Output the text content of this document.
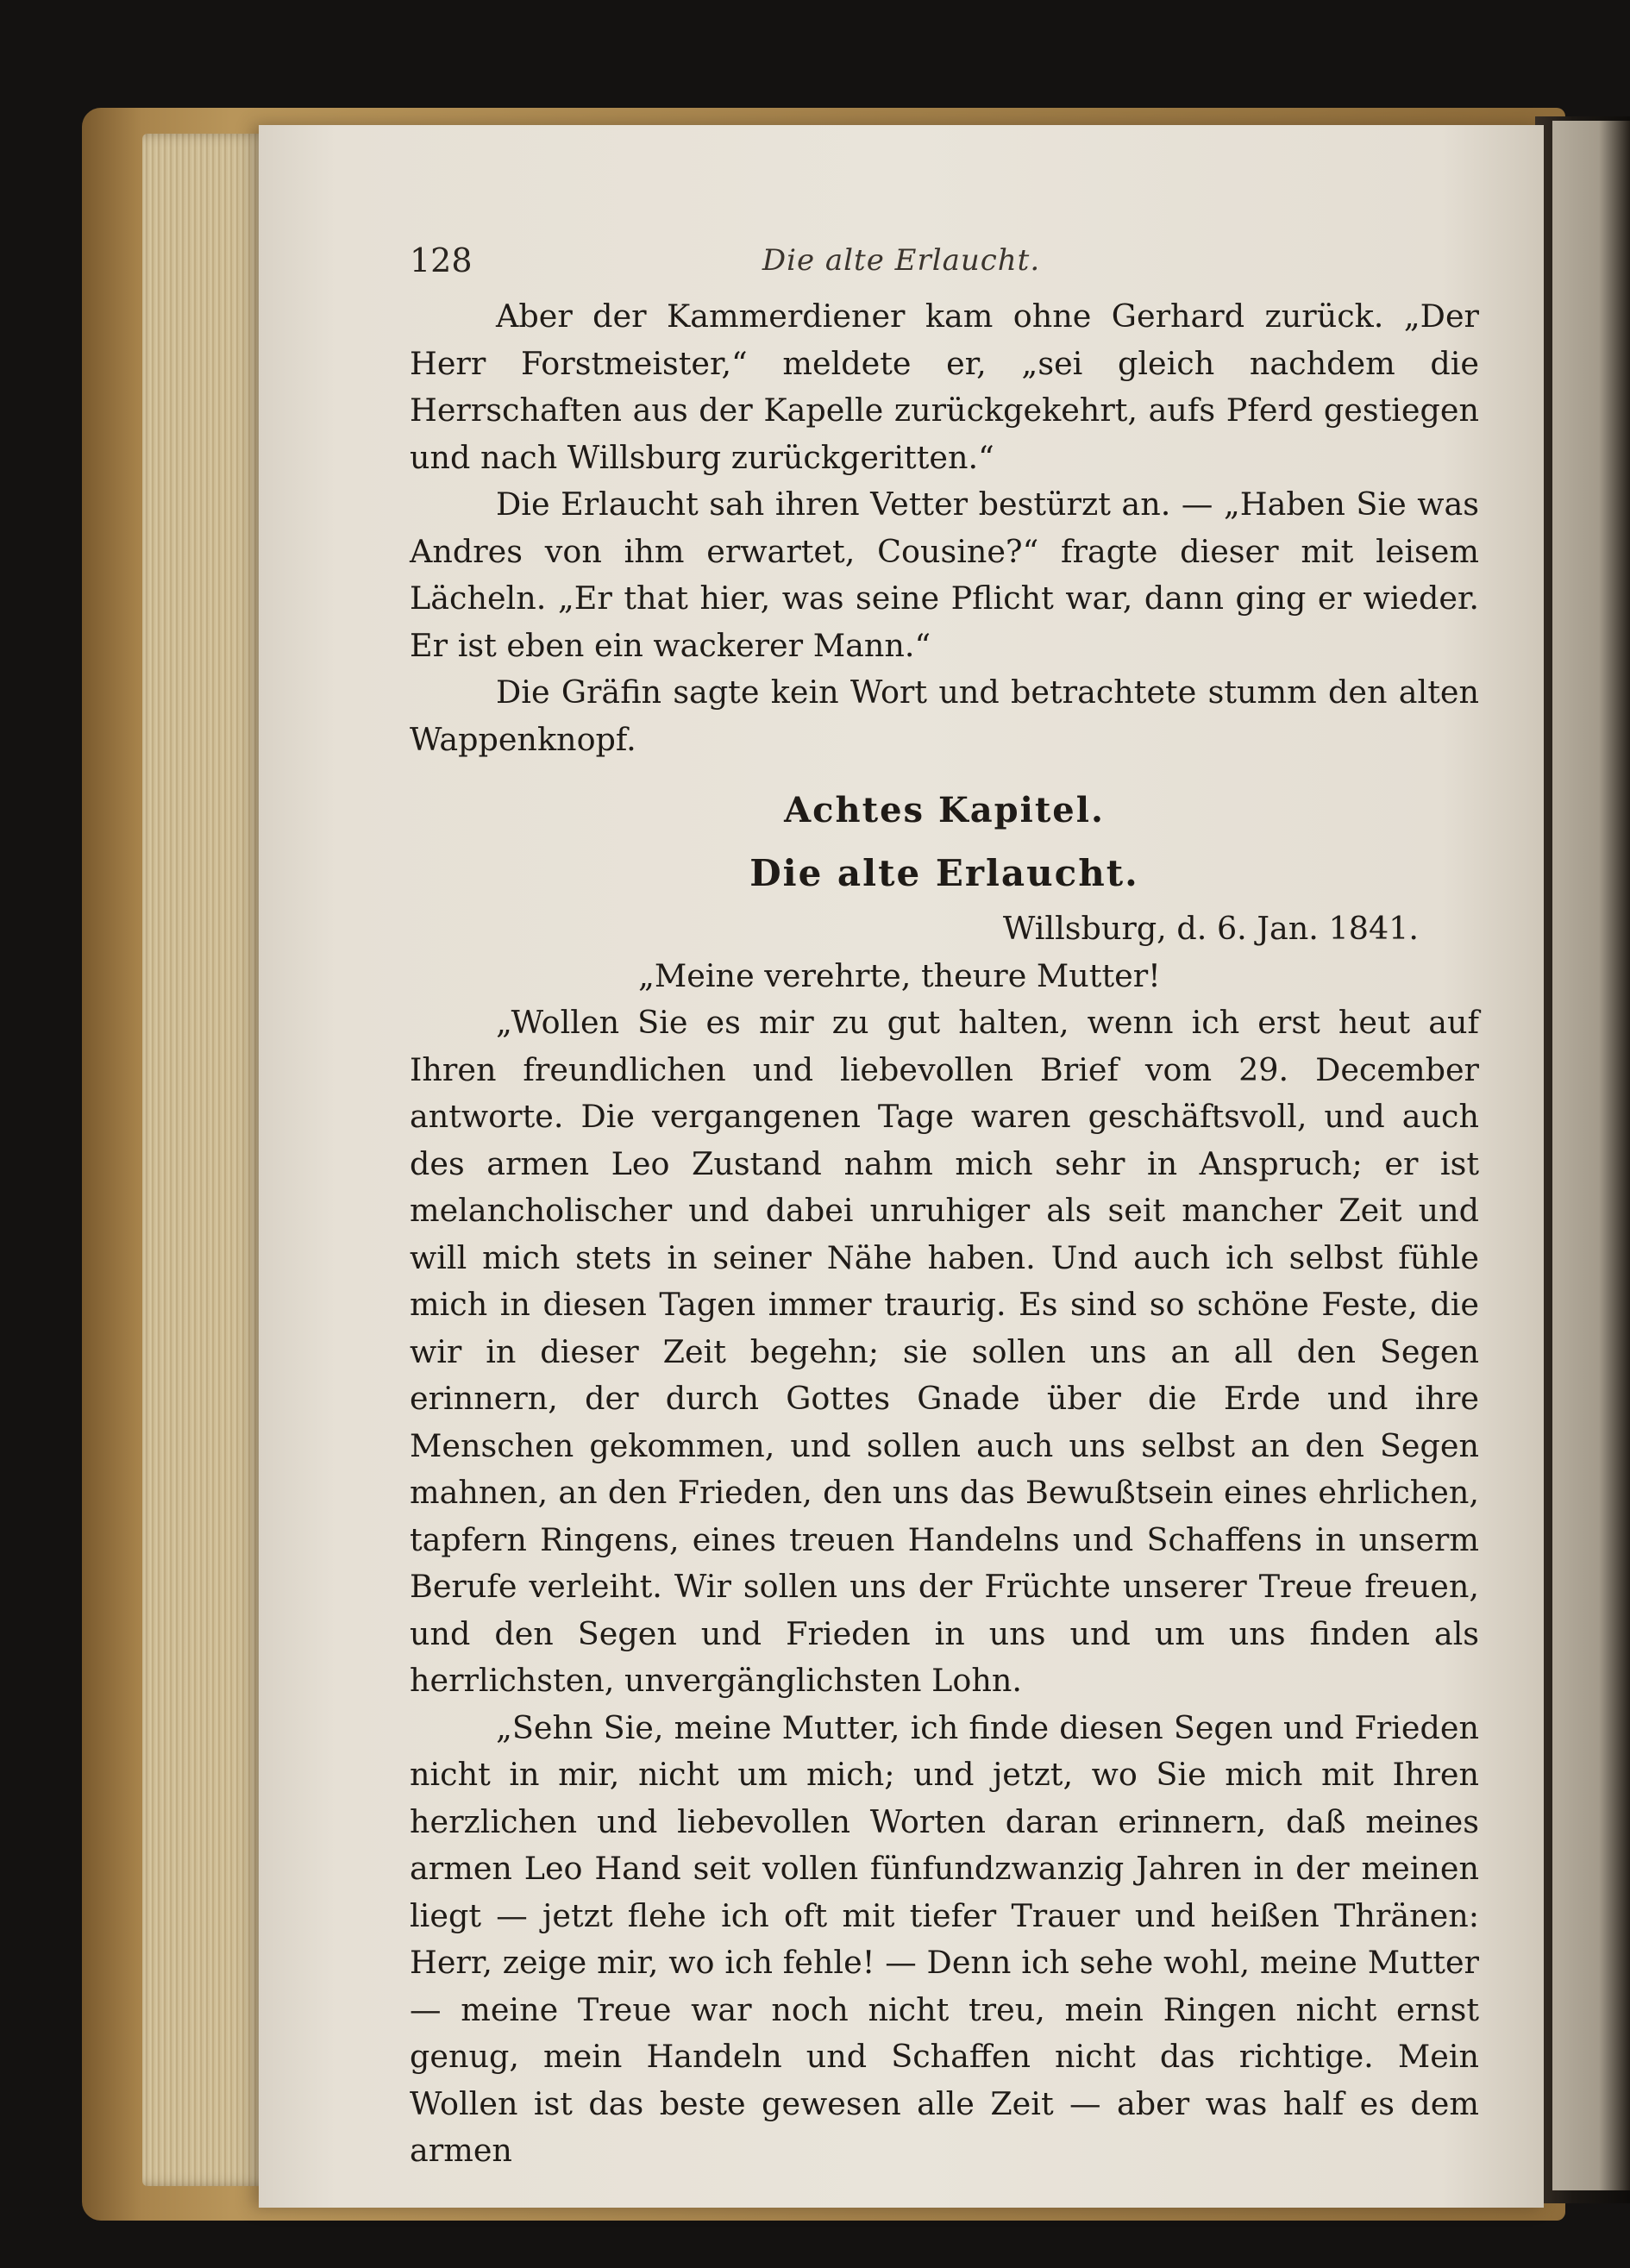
128	Die alte Erlaucht.

Aber der Kammerdiener kam ohne Gerhard zurück. „Der Herr Forstmeister,“ meldete er, „sei gleich nachdem die Herrschaften aus der Kapelle zurückgekehrt, aufs Pferd gestiegen und nach Willsburg zurückgeritten.“

Die Erlaucht sah ihren Vetter bestürzt an. — „Haben Sie was Andres von ihm erwartet, Cousine?“ fragte dieser mit leisem Lächeln. „Er that hier, was seine Pflicht war, dann ging er wieder. Er ist eben ein wackerer Mann.“

Die Gräfin sagte kein Wort und betrachtete stumm den alten Wappenknopf.

Achtes Kapitel.

Die alte Erlaucht.

Willsburg, d. 6. Jan. 1841.

„Meine verehrte, theure Mutter!

„Wollen Sie es mir zu gut halten, wenn ich erst heut auf Ihren freundlichen und liebevollen Brief vom 29. December antworte. Die vergangenen Tage waren geschäftsvoll, und auch des armen Leo Zustand nahm mich sehr in Anspruch; er ist melancholischer und dabei unruhiger als seit mancher Zeit und will mich stets in seiner Nähe haben. Und auch ich selbst fühle mich in diesen Tagen immer traurig. Es sind so schöne Feste, die wir in dieser Zeit begehn; sie sollen uns an all den Segen erinnern, der durch Gottes Gnade über die Erde und ihre Menschen gekommen, und sollen auch uns selbst an den Segen mahnen, an den Frieden, den uns das Bewußtsein eines ehrlichen, tapfern Ringens, eines treuen Handelns und Schaffens in unserm Berufe verleiht. Wir sollen uns der Früchte unserer Treue freuen, und den Segen und Frieden in uns und um uns finden als herrlichsten, unvergänglichsten Lohn.

„Sehn Sie, meine Mutter, ich finde diesen Segen und Frieden nicht in mir, nicht um mich; und jetzt, wo Sie mich mit Ihren herzlichen und liebevollen Worten daran erinnern, daß meines armen Leo Hand seit vollen fünfundzwanzig Jahren in der meinen liegt — jetzt flehe ich oft mit tiefer Trauer und heißen Thränen: Herr, zeige mir, wo ich fehle! — Denn ich sehe wohl, meine Mutter — meine Treue war noch nicht treu, mein Ringen nicht ernst genug, mein Handeln und Schaffen nicht das richtige. Mein Wollen ist das beste gewesen alle Zeit — aber was half es dem armen
